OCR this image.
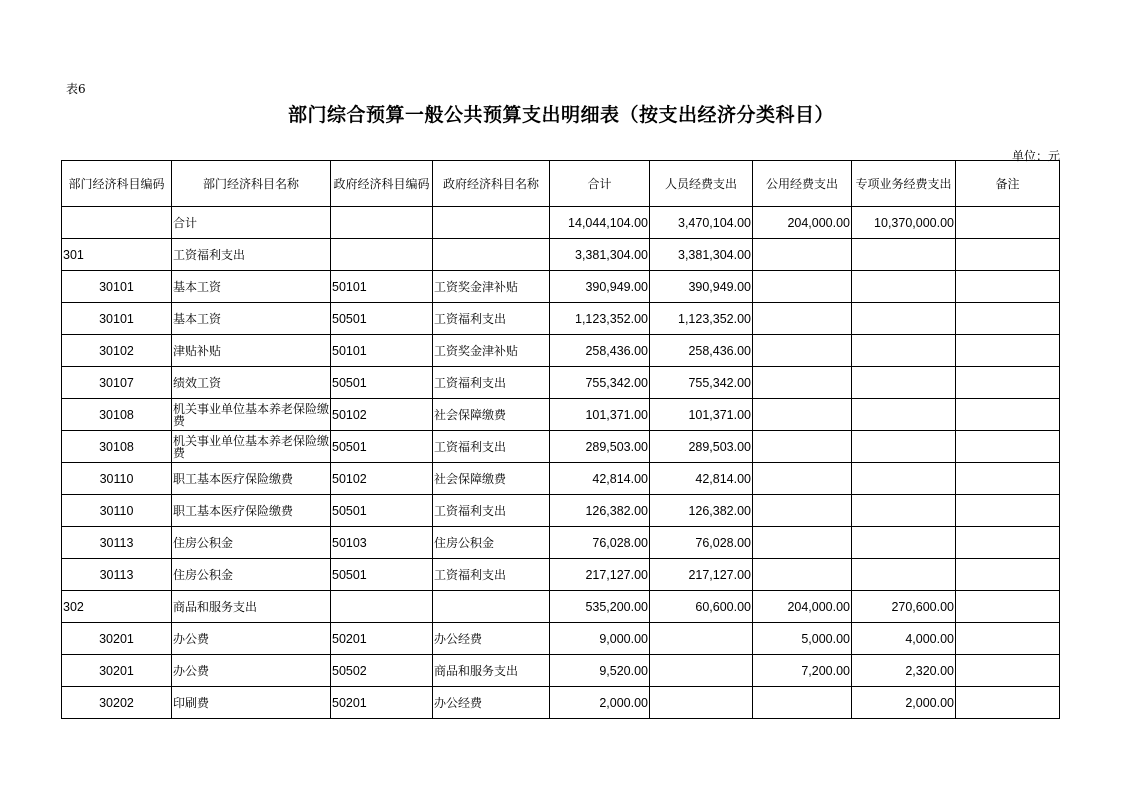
表6
部门综合预算一般公共预算支出明细表（按支出经济分类科目）
单位：元
部门经济科目编码	部门经济科目名称	政府经济科目编码	政府经济科目名称	合计	人员经费支出	公用经费支出	专项业务经费支出	备注
	合计			14,044,104.00	3,470,104.00	204,000.00	10,370,000.00	
301	工资福利支出			3,381,304.00	3,381,304.00			
30101	基本工资	50101	工资奖金津补贴	390,949.00	390,949.00			
30101	基本工资	50501	工资福利支出	1,123,352.00	1,123,352.00			
30102	津贴补贴	50101	工资奖金津补贴	258,436.00	258,436.00			
30107	绩效工资	50501	工资福利支出	755,342.00	755,342.00			
30108	机关事业单位基本养老保险缴费	50102	社会保障缴费	101,371.00	101,371.00			
30108	机关事业单位基本养老保险缴费	50501	工资福利支出	289,503.00	289,503.00			
30110	职工基本医疗保险缴费	50102	社会保障缴费	42,814.00	42,814.00			
30110	职工基本医疗保险缴费	50501	工资福利支出	126,382.00	126,382.00			
30113	住房公积金	50103	住房公积金	76,028.00	76,028.00			
30113	住房公积金	50501	工资福利支出	217,127.00	217,127.00			
302	商品和服务支出			535,200.00	60,600.00	204,000.00	270,600.00	
30201	办公费	50201	办公经费	9,000.00		5,000.00	4,000.00	
30201	办公费	50502	商品和服务支出	9,520.00		7,200.00	2,320.00	
30202	印刷费	50201	办公经费	2,000.00			2,000.00	
